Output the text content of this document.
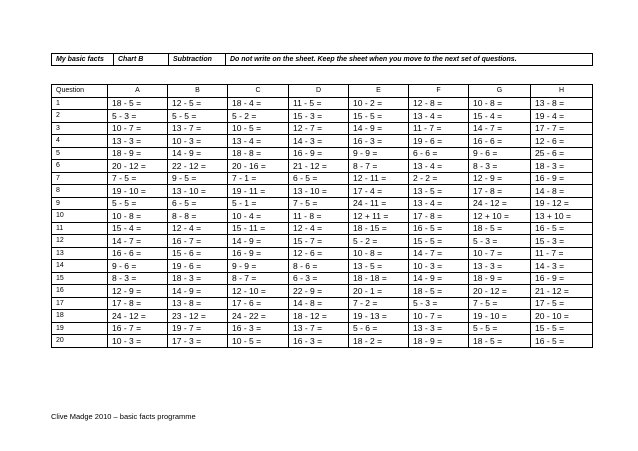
My basic facts	Chart B	Subtraction	Do not write on the sheet. Keep the sheet when you move to the next set of questions.
Question	A	B	C	D	E	F	G	H
1	18 - 5 =	12 - 5 =	18 - 4 =	11 - 5 =	10 - 2 =	12 - 8 =	10 - 8 =	13 - 8 =
2	5 - 3 =	5 - 5 =	5 - 2 =	15 - 3 =	15 - 5 =	13 - 4 =	15 - 4 =	19 - 4 =
3	10 - 7 =	13 - 7 =	10 - 5 =	12 - 7 =	14 - 9 =	11 - 7 =	14 - 7 =	17 - 7 =
4	13 - 3 =	10 - 3 =	13 - 4 =	14 - 3 =	16 - 3 =	19 - 6 =	16 - 6 =	12 - 6 =
5	18 - 9 =	14 - 9 =	18 - 8 =	16 - 9 =	9 - 9 =	6 - 6 =	9 - 6 =	25 - 6 =
6	20 - 12 =	22 - 12 =	20 - 16 =	21 - 12 =	8 - 7 =	13 - 4 =	8 - 3 =	18 - 3 =
7	7 - 5 =	9 - 5 =	7 - 1 =	6 - 5 =	12 - 11 =	2 - 2 =	12 - 9 =	16 - 9 =
8	19 - 10 =	13 - 10 =	19 - 11 =	13 - 10 =	17 - 4 =	13 - 5 =	17 - 8 =	14 - 8 =
9	5 - 5 =	6 - 5 =	5 - 1 =	7 - 5 =	24 - 11 =	13 - 4 =	24 - 12 =	19 - 12 =
10	10 - 8 =	8 - 8 =	10 - 4 =	11 - 8 =	12 + 11 =	17 - 8 =	12 + 10 =	13 + 10 =
11	15 - 4 =	12 - 4 =	15 - 11 =	12 - 4 =	18 - 15 =	16 - 5 =	18 - 5 =	16 - 5 =
12	14 - 7 =	16 - 7 =	14 - 9 =	15 - 7 =	5 - 2 =	15 - 5 =	5 - 3 =	15 - 3 =
13	16 - 6 =	15 - 6 =	16 - 9 =	12 - 6 =	10 - 8 =	14 - 7 =	10 - 7 =	11 - 7 =
14	9 - 6 =	19 - 6 =	9 - 9 =	8 - 6 =	13 - 5 =	10 - 3 =	13 - 3 =	14 - 3 =
15	8 - 3 =	18 - 3 =	8 - 7 =	6 - 3 =	18 - 18 =	14 - 9 =	18 - 9 =	16 - 9 =
16	12 - 9 =	14 - 9 =	12 - 10 =	22 - 9 =	20 - 1 =	18 - 5 =	20 - 12 =	21 - 12 =
17	17 - 8 =	13 - 8 =	17 - 6 =	14 - 8 =	7 - 2 =	5 - 3 =	7 - 5 =	17 - 5 =
18	24 - 12 =	23 - 12 =	24 - 22 =	18 - 12 =	19 - 13 =	10 - 7 =	19 - 10 =	20 - 10 =
19	16 - 7 =	19 - 7 =	16 - 3 =	13 - 7 =	5 - 6 =	13 - 3 =	5 - 5 =	15 - 5 =
20	10 - 3 =	17 - 3 =	10 - 5 =	16 - 3 =	18 - 2 =	18 - 9 =	18 - 5 =	16 - 5 =
Clive Madge 2010 – basic facts programme
